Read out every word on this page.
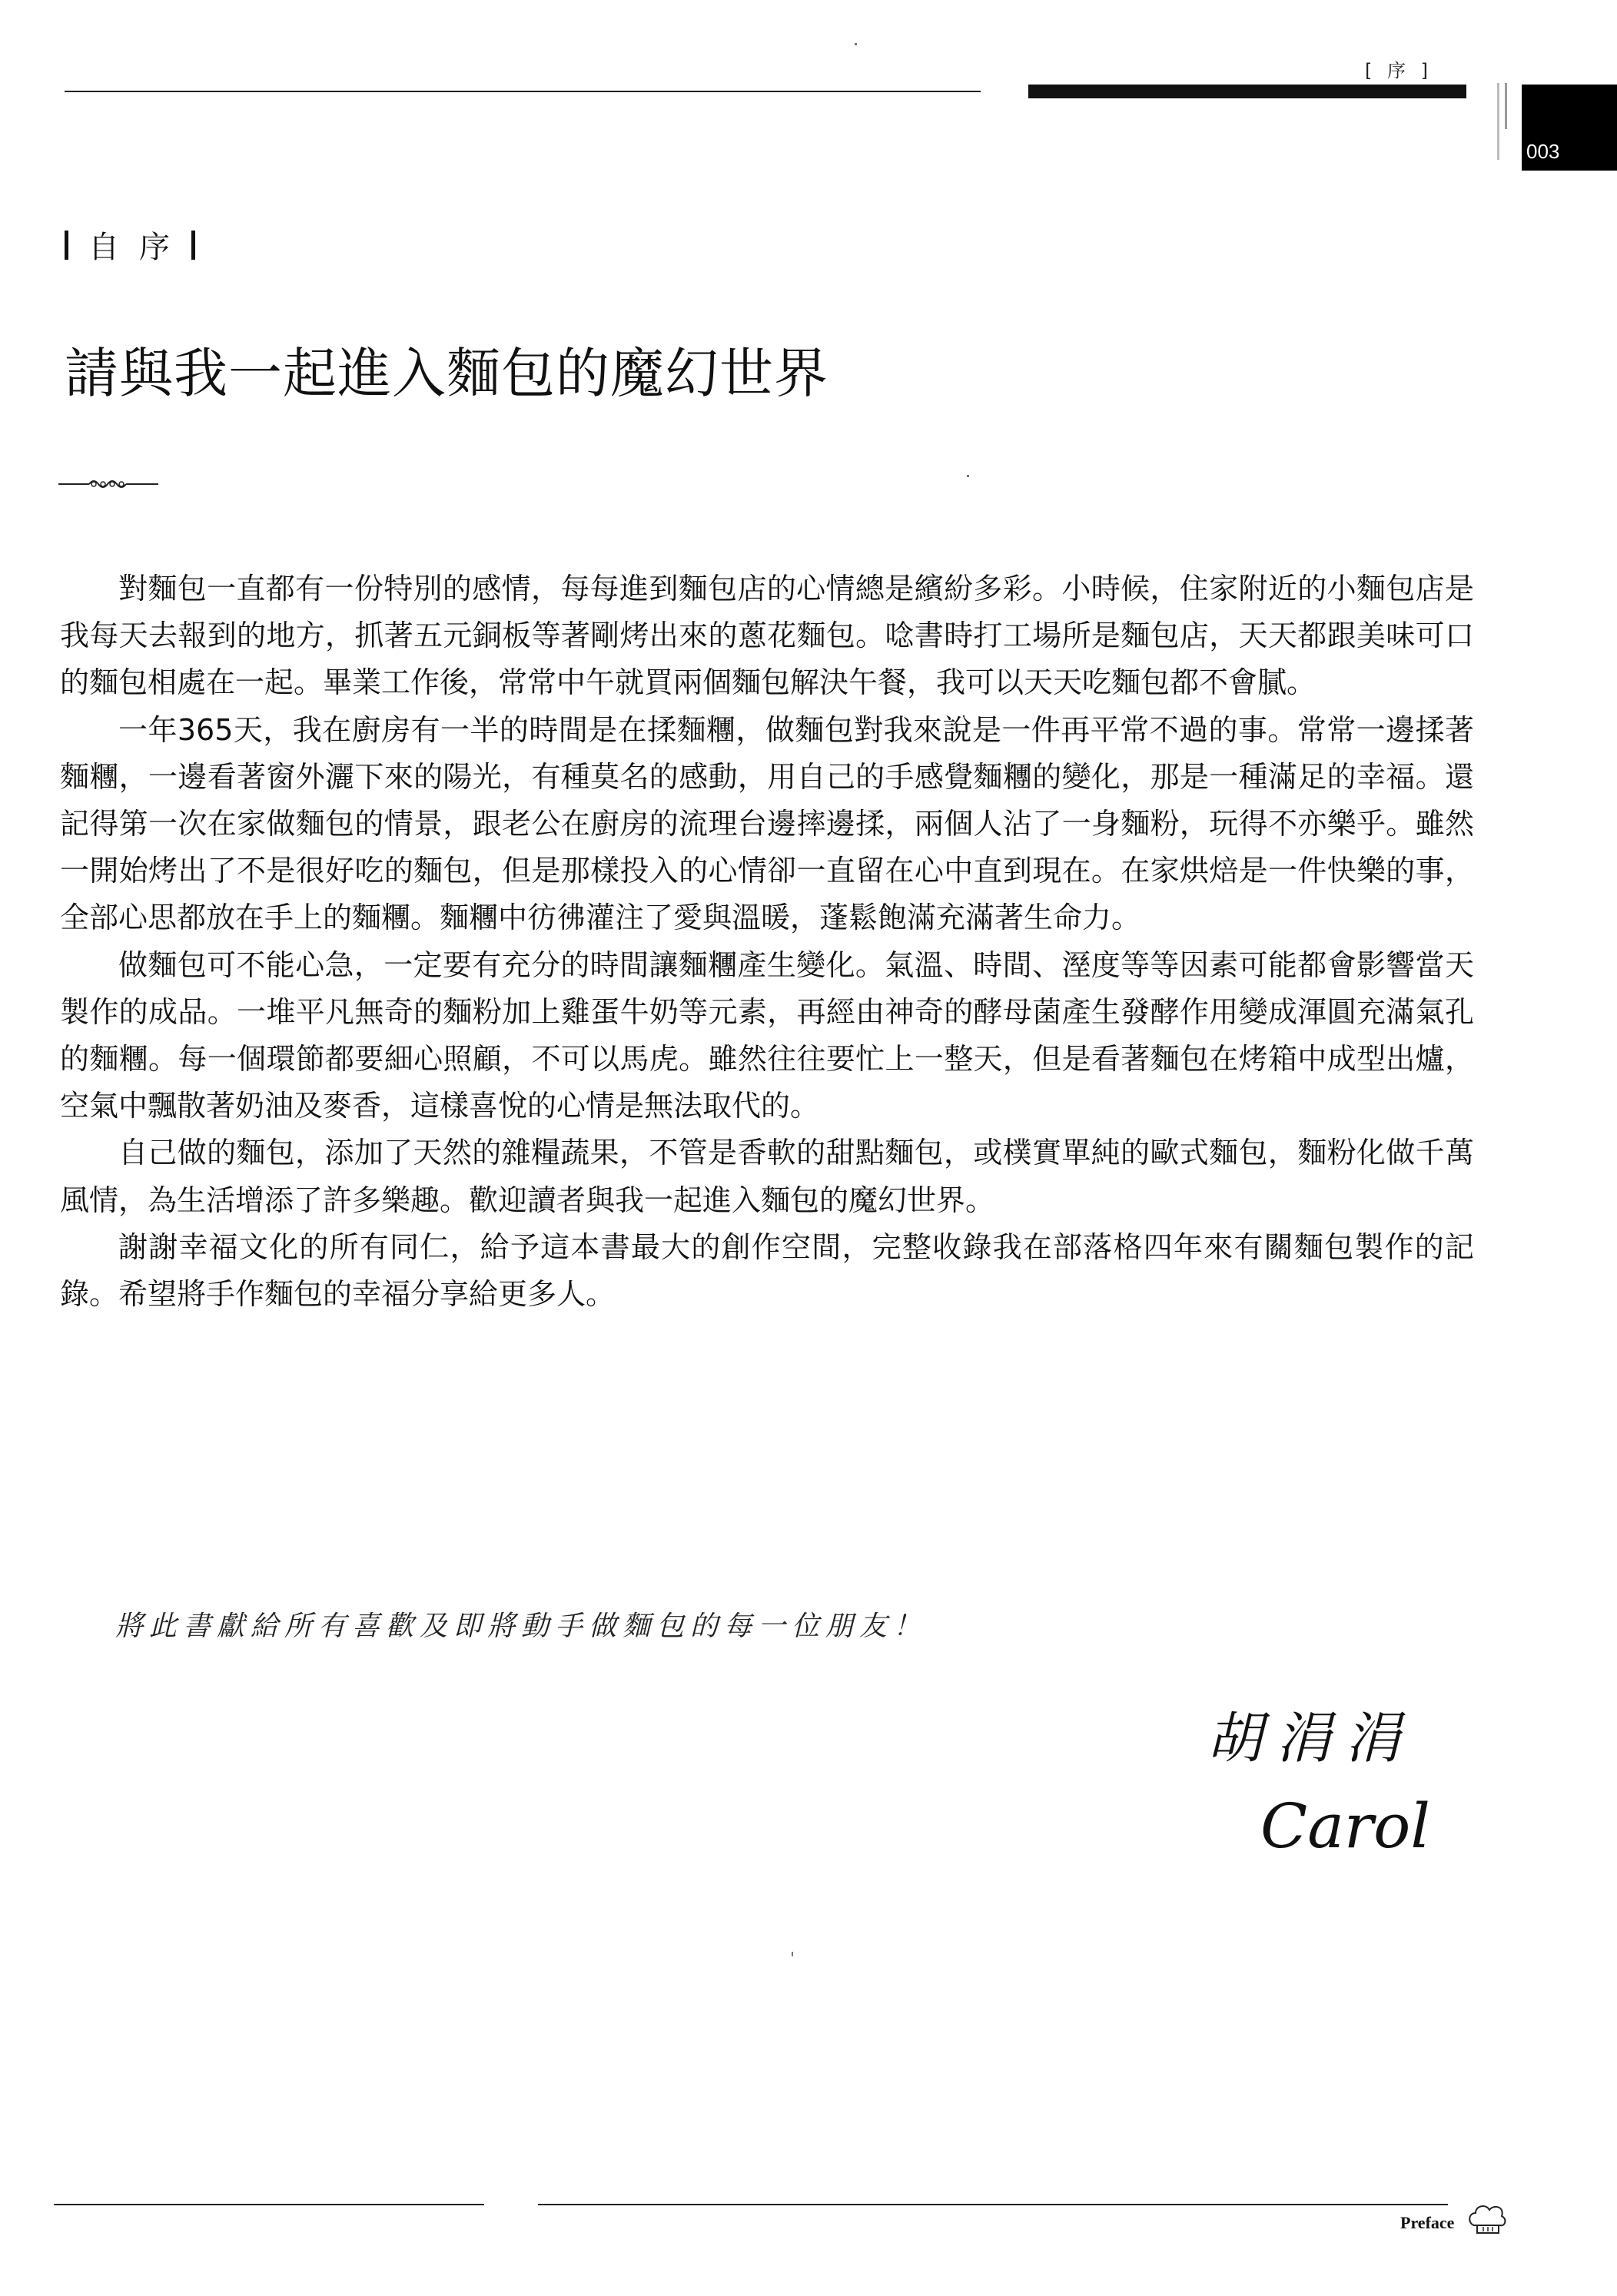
[ 序 ]
003
自序
請與我一起進入麵包的魔幻世界

對麵包一直都有一份特別的感情，每每進到麵包店的心情總是繽紛多彩。小時候，住家附近的小麵包店是我每天去報到的地方，抓著五元銅板等著剛烤出來的蔥花麵包。唸書時打工場所是麵包店，天天都跟美味可口的麵包相處在一起。畢業工作後，常常中午就買兩個麵包解決午餐，我可以天天吃麵包都不會膩。

一年365天，我在廚房有一半的時間是在揉麵糰，做麵包對我來說是一件再平常不過的事。常常一邊揉著麵糰，一邊看著窗外灑下來的陽光，有種莫名的感動，用自己的手感覺麵糰的變化，那是一種滿足的幸福。還記得第一次在家做麵包的情景，跟老公在廚房的流理台邊摔邊揉，兩個人沾了一身麵粉，玩得不亦樂乎。雖然一開始烤出了不是很好吃的麵包，但是那樣投入的心情卻一直留在心中直到現在。在家烘焙是一件快樂的事，全部心思都放在手上的麵糰。麵糰中彷彿灌注了愛與溫暖，蓬鬆飽滿充滿著生命力。

做麵包可不能心急，一定要有充分的時間讓麵糰產生變化。氣溫、時間、溼度等等因素可能都會影響當天製作的成品。一堆平凡無奇的麵粉加上雞蛋牛奶等元素，再經由神奇的酵母菌產生發酵作用變成渾圓充滿氣孔的麵糰。每一個環節都要細心照顧，不可以馬虎。雖然往往要忙上一整天，但是看著麵包在烤箱中成型出爐，空氣中飄散著奶油及麥香，這樣喜悅的心情是無法取代的。

自己做的麵包，添加了天然的雜糧蔬果，不管是香軟的甜點麵包，或樸實單純的歐式麵包，麵粉化做千萬風情，為生活增添了許多樂趣。歡迎讀者與我一起進入麵包的魔幻世界。

謝謝幸福文化的所有同仁，給予這本書最大的創作空間，完整收錄我在部落格四年來有關麵包製作的記錄。希望將手作麵包的幸福分享給更多人。

將此書獻給所有喜歡及即將動手做麵包的每一位朋友！
胡涓涓
Carol
Preface
